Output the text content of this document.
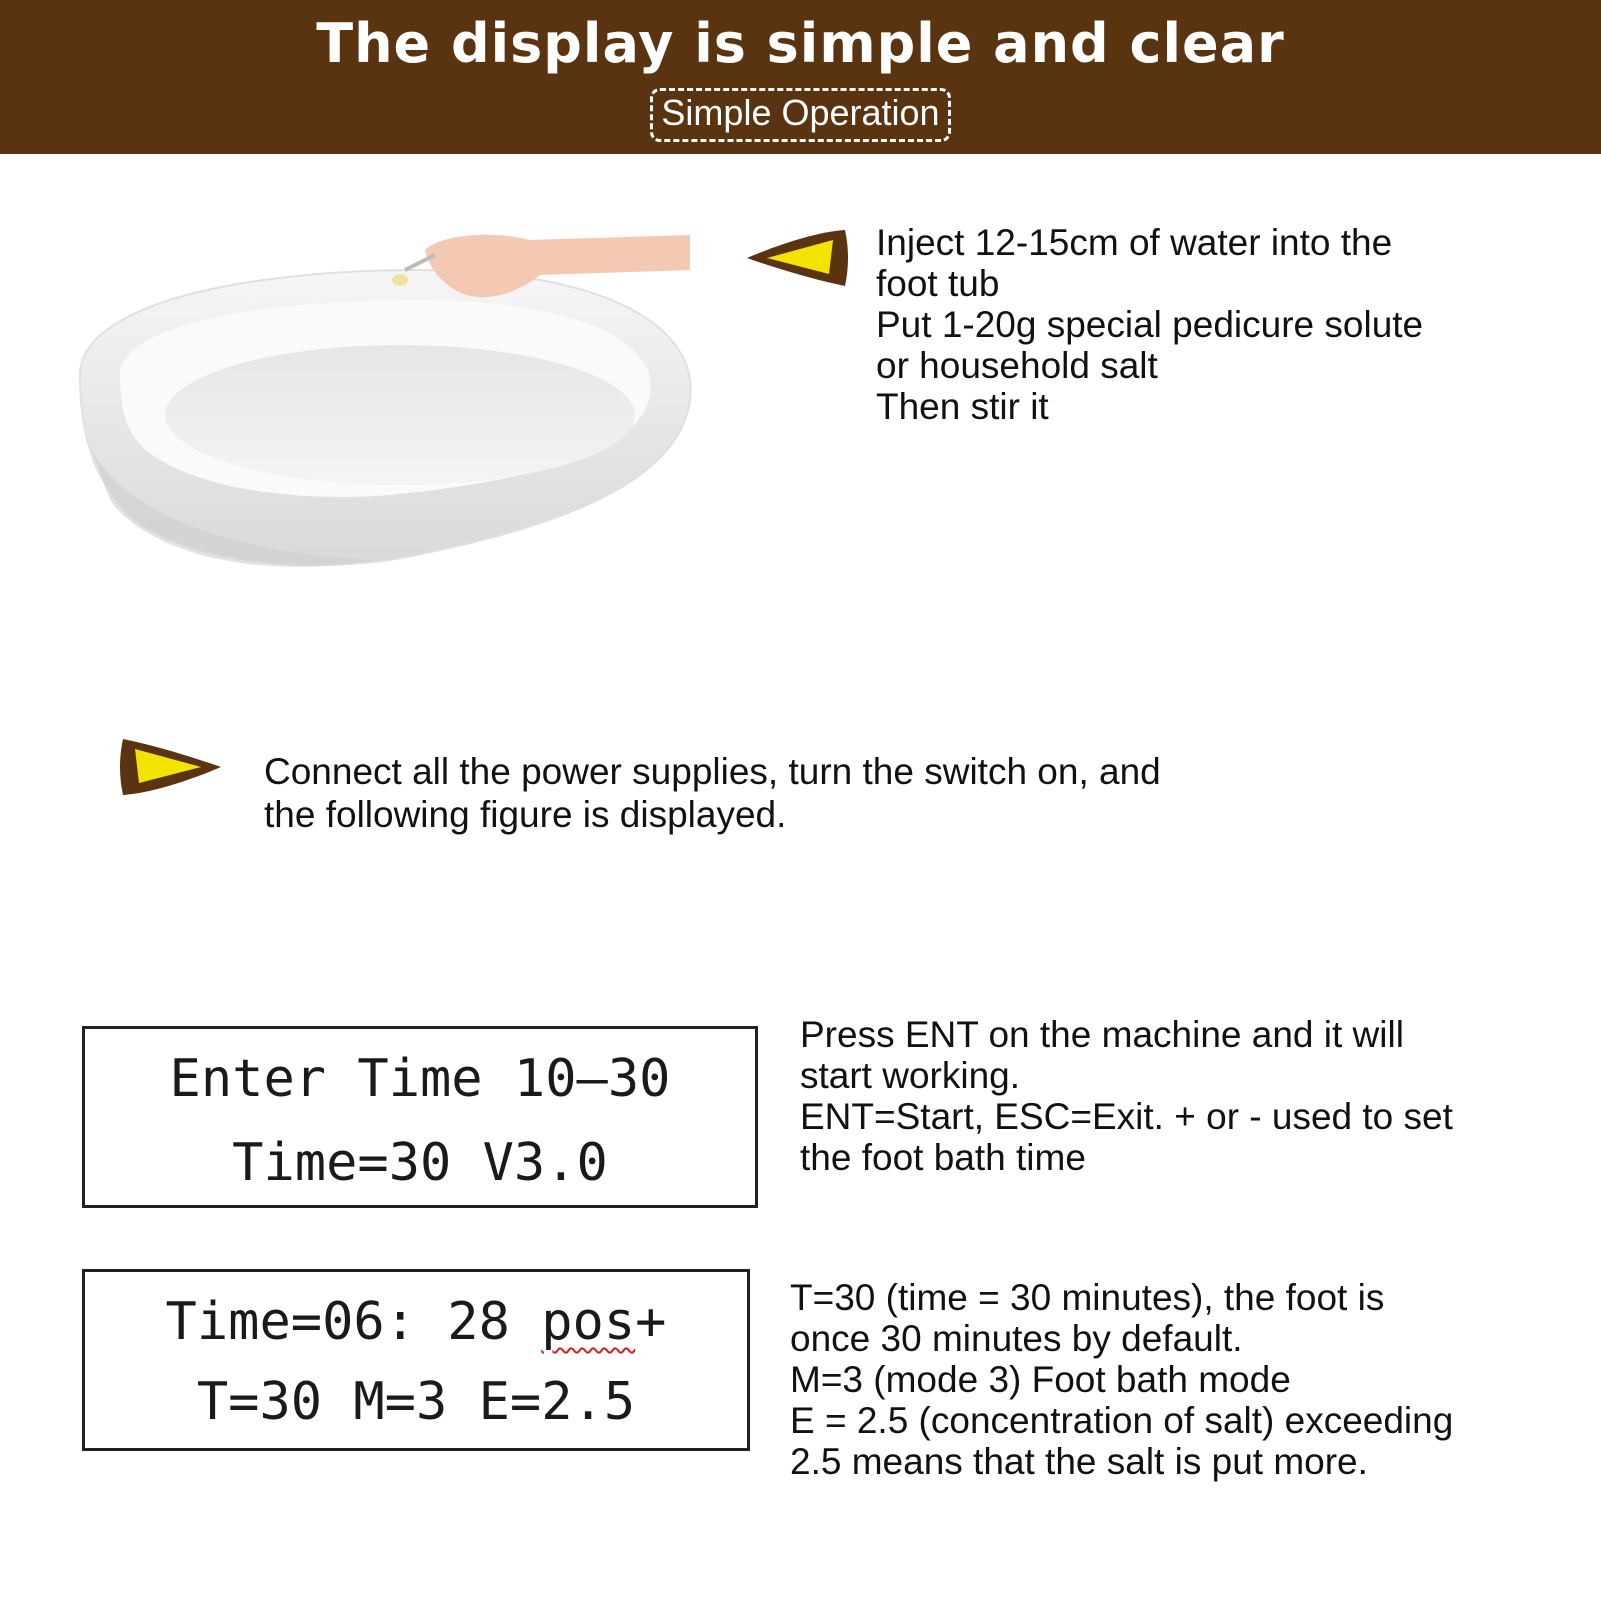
The display is simple and clear
Simple Operation
Inject 12-15cm of water into the
foot tub
Put 1-20g special pedicure solute
or household salt
Then stir it
Connect all the power supplies, turn the switch on, and
the following figure is displayed.
Enter Time 10—30
Time=30 V3.0
Press ENT on the machine and it will
start working.
ENT=Start, ESC=Exit. + or - used to set
the foot bath time
Time=06: 28 pos+
T=30 M=3 E=2.5
T=30 (time = 30 minutes), the foot is
once 30 minutes by default.
M=3 (mode 3) Foot bath mode
E = 2.5 (concentration of salt) exceeding
2.5 means that the salt is put more.
